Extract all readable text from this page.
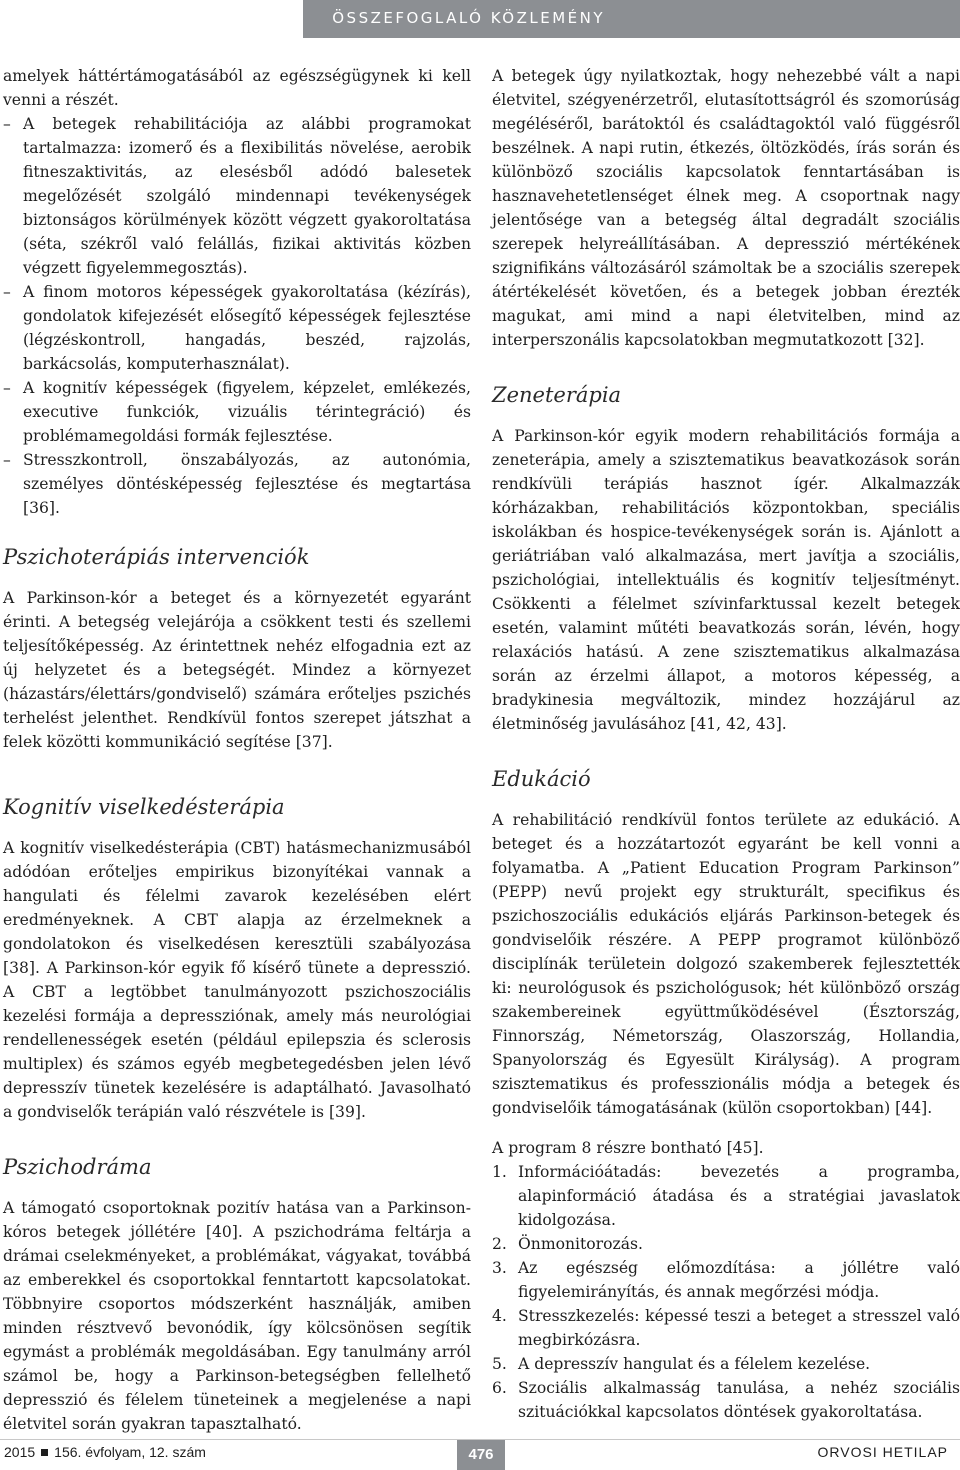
ÖSSZEFOGLALÓ KÖZLEMÉNY

amelyek háttértámogatásából az egészségügynek ki kell venni a részét.

– A betegek rehabilitációja az alábbi programokat tartalmazza: izomerő és a flexibilitás növelése, aerobik fitneszaktivitás, az elesésből adódó balesetek megelőzését szolgáló mindennapi tevékenységek biztonságos körülmények között végzett gyakoroltatása (séta, székről való felállás, fizikai aktivitás közben végzett figyelemmegosztás).

– A finom motoros képességek gyakoroltatása (kézírás), gondolatok kifejezését elősegítő képességek fejlesztése (légzéskontroll, hangadás, beszéd, rajzolás, barkácsolás, komputerhasználat).

– A kognitív képességek (figyelem, képzelet, emlékezés, executive funkciók, vizuális térintegráció) és problémamegoldási formák fejlesztése.

– Stresszkontroll, önszabályozás, az autonómia, személyes döntésképesség fejlesztése és megtartása [36].

Pszichoterápiás intervenciók

A Parkinson-kór a beteget és a környezetét egyaránt érinti. A betegség velejárója a csökkent testi és szellemi teljesítőképesség. Az érintettnek nehéz elfogadnia ezt az új helyzetet és a betegségét. Mindez a környezet (házastárs/élettárs/gondviselő) számára erőteljes pszichés terhelést jelenthet. Rendkívül fontos szerepet játszhat a felek közötti kommunikáció segítése [37].

Kognitív viselkedésterápia

A kognitív viselkedésterápia (CBT) hatásmechanizmusából adódóan erőteljes empirikus bizonyítékai vannak a hangulati és félelmi zavarok kezelésében elért eredményeknek. A CBT alapja az érzelmeknek a gondolatokon és viselkedésen keresztüli szabályozása [38]. A Parkinson-kór egyik fő kísérő tünete a depresszió. A CBT a legtöbbet tanulmányozott pszichoszociális kezelési formája a depressziónak, amely más neurológiai rendellenességek esetén (például epilepszia és sclerosis multiplex) és számos egyéb megbetegedésben jelen lévő depresszív tünetek kezelésére is adaptálható. Javasolható a gondviselők terápián való részvétele is [39].

Pszichodráma

A támogató csoportoknak pozitív hatása van a Parkinson-kóros betegek jóllétére [40]. A pszichodráma feltárja a drámai cselekményeket, a problémákat, vágyakat, továbbá az emberekkel és csoportokkal fenntartott kapcsolatokat. Többnyire csoportos módszerként használják, amiben minden résztvevő bevonódik, így kölcsönösen segítik egymást a problémák megoldásában. Egy tanulmány arról számol be, hogy a Parkinson-betegségben fellelhető depresszió és félelem tüneteinek a megjelenése a napi életvitel során gyakran tapasztalható.

A betegek úgy nyilatkoztak, hogy nehezebbé vált a napi életvitel, szégyenérzetről, elutasítottságról és szomorúság megéléséről, barátoktól és családtagoktól való függésről beszélnek. A napi rutin, étkezés, öltözködés, írás során és különböző szociális kapcsolatok fenntartásában is hasznavehetetlenséget élnek meg. A csoportnak nagy jelentősége van a betegség által degradált szociális szerepek helyreállításában. A depresszió mértékének szignifikáns változásáról számoltak be a szociális szerepek átértékelését követően, és a betegek jobban érezték magukat, ami mind a napi életvitelben, mind az interperszonális kapcsolatokban megmutatkozott [32].

Zeneterápia

A Parkinson-kór egyik modern rehabilitációs formája a zeneterápia, amely a szisztematikus beavatkozások során rendkívüli terápiás hasznot ígér. Alkalmazzák kórházakban, rehabilitációs központokban, speciális iskolákban és hospice-tevékenységek során is. Ajánlott a geriátriában való alkalmazása, mert javítja a szociális, pszichológiai, intellektuális és kognitív teljesítményt. Csökkenti a félelmet szívinfarktussal kezelt betegek esetén, valamint műtéti beavatkozás során, lévén, hogy relaxációs hatású. A zene szisztematikus alkalmazása során az érzelmi állapot, a motoros képesség, a bradykinesia megváltozik, mindez hozzájárul az életminőség javulásához [41, 42, 43].

Edukáció

A rehabilitáció rendkívül fontos területe az edukáció. A beteget és a hozzátartozót egyaránt be kell vonni a folyamatba. A „Patient Education Program Parkinson” (PEPP) nevű projekt egy strukturált, specifikus és pszichoszociális edukációs eljárás Parkinson-betegek és gondviselőik részére. A PEPP programot különböző disciplínák területein dolgozó szakemberek fejlesztették ki: neurológusok és pszichológusok; hét különböző ország szakembereinek együttműködésével (Észtország, Finnország, Németország, Olaszország, Hollandia, Spanyolország és Egyesült Királyság). A program szisztematikus és professzionális módja a betegek és gondviselőik támogatásának (külön csoportokban) [44].

A program 8 részre bontható [45].

1. Információátadás: bevezetés a programba, alapinformáció átadása és a stratégiai javaslatok kidolgozása.

2. Önmonitorozás.

3. Az egészség előmozdítása: a jóllétre való figyelemirányítás, és annak megőrzési módja.

4. Stresszkezelés: képessé teszi a beteget a stresszel való megbirkózásra.

5. A depresszív hangulat és a félelem kezelése.

6. Szociális alkalmasság tanulása, a nehéz szociális szituációkkal kapcsolatos döntések gyakoroltatása.

2015 156. évfolyam, 12. szám	476	ORVOSI HETILAP
